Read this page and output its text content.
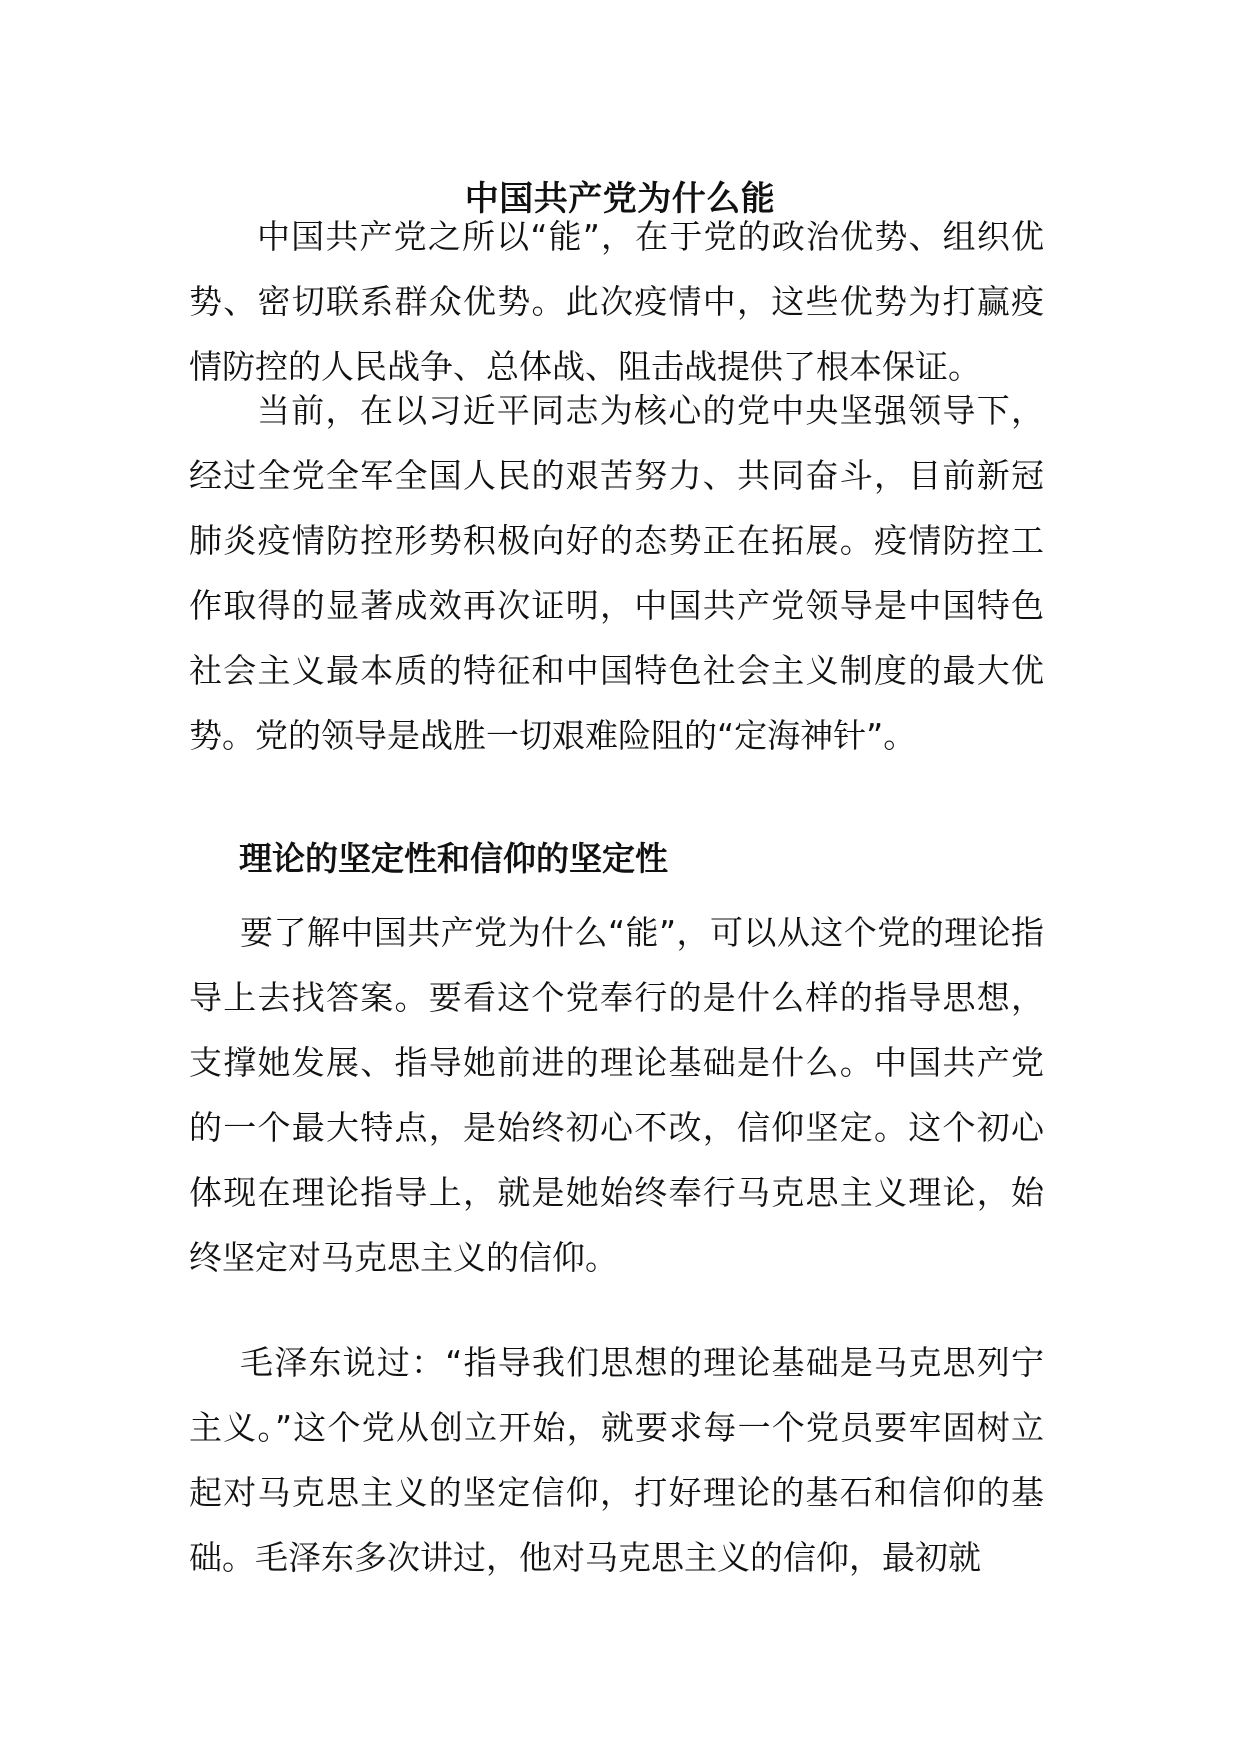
中国共产党为什么能

中国共产党之所以“能”，在于党的政治优势、组织优势、密切联系群众优势。此次疫情中，这些优势为打赢疫情防控的人民战争、总体战、阻击战提供了根本保证。

当前，在以习近平同志为核心的党中央坚强领导下，经过全党全军全国人民的艰苦努力、共同奋斗，目前新冠肺炎疫情防控形势积极向好的态势正在拓展。疫情防控工作取得的显著成效再次证明，中国共产党领导是中国特色社会主义最本质的特征和中国特色社会主义制度的最大优势。党的领导是战胜一切艰难险阻的“定海神针”。

理论的坚定性和信仰的坚定性

要了解中国共产党为什么“能”，可以从这个党的理论指导上去找答案。要看这个党奉行的是什么样的指导思想，支撑她发展、指导她前进的理论基础是什么。中国共产党的一个最大特点，是始终初心不改，信仰坚定。这个初心体现在理论指导上，就是她始终奉行马克思主义理论，始终坚定对马克思主义的信仰。

毛泽东说过：“指导我们思想的理论基础是马克思列宁主义。”这个党从创立开始，就要求每一个党员要牢固树立起对马克思主义的坚定信仰，打好理论的基石和信仰的基础。毛泽东多次讲过，他对马克思主义的信仰，最初就
